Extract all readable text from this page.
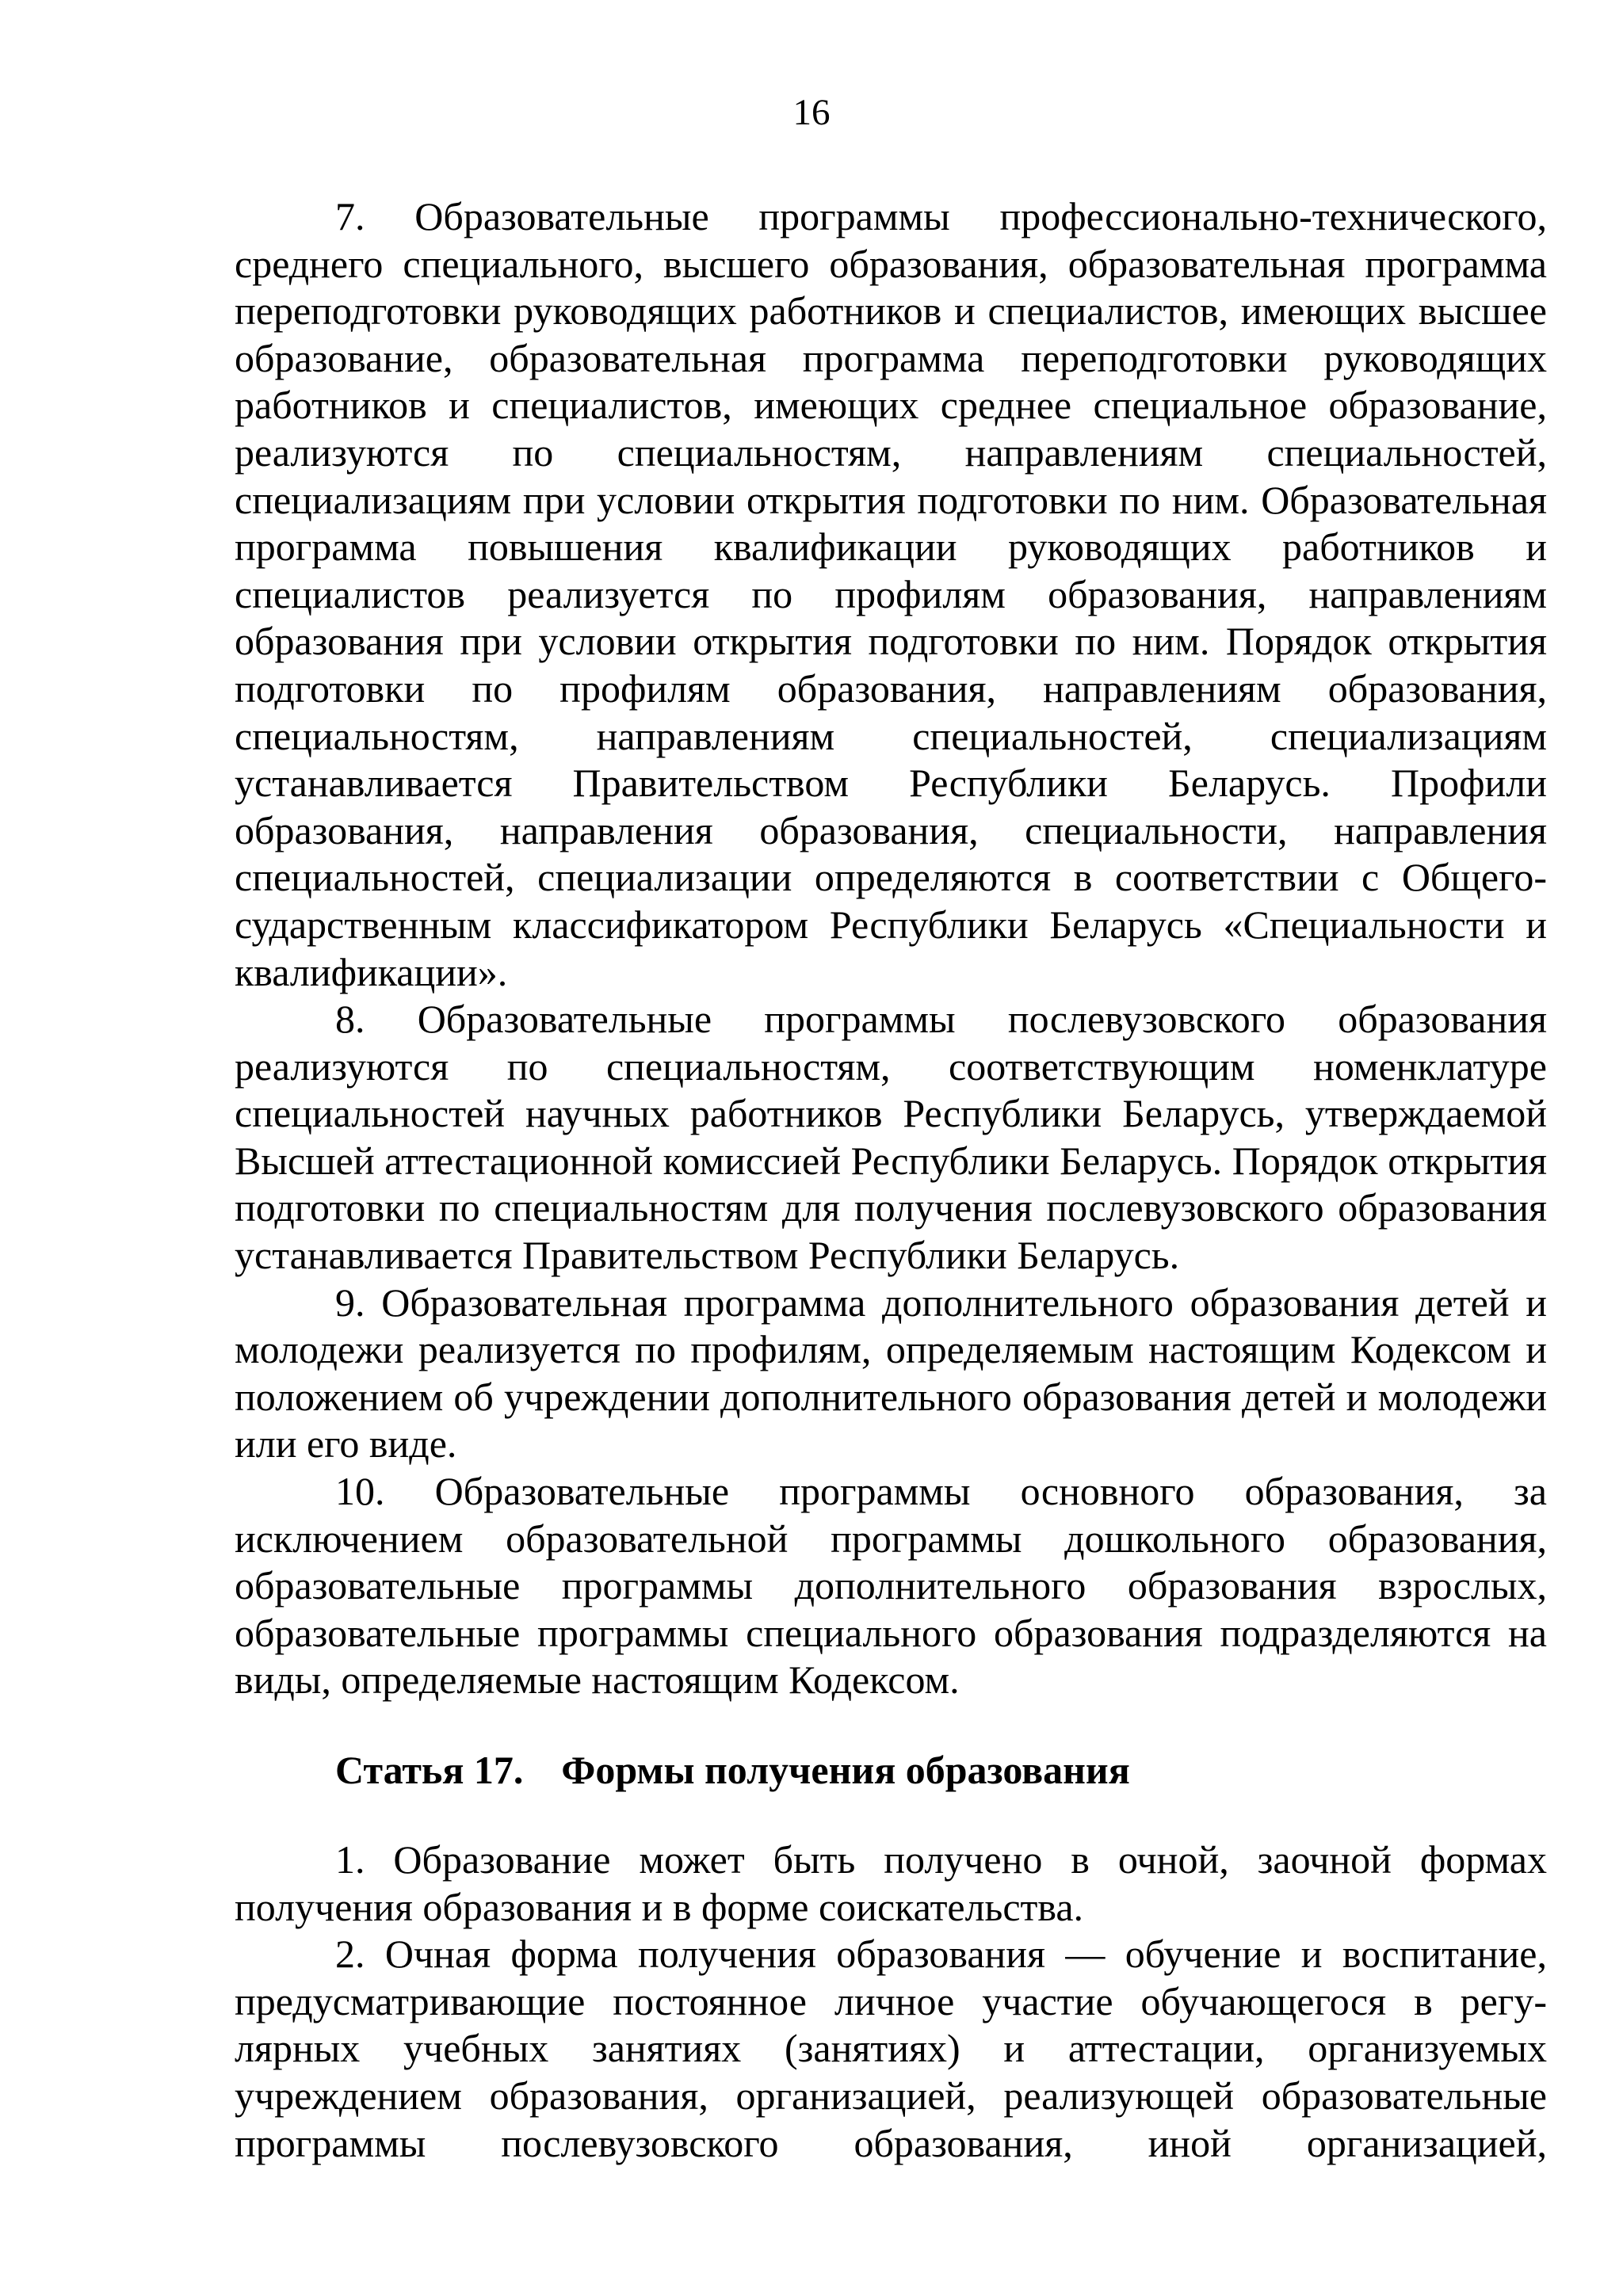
16

7. Образовательные программы профессионально-технического, среднего специального, высшего образования, образовательная программа переподготовки руководящих работников и специалистов, имеющих высшее образование, образовательная программа переподготовки руководящих работников и специалистов, имеющих среднее специальное образование, реализуются по специальностям, направлениям специальностей, специализациям при условии открытия подготовки по ним. Образовательная программа повышения квалификации руководящих работников и специалистов реализуется по профилям образования, направлениям образования при условии открытия подготовки по ним. Порядок открытия подготовки по профилям образования, направлениям образования, специальностям, направлениям специальностей, специализациям устанавливается Правительством Республики Беларусь. Профили образования, направления образования, специальности, направления специальностей, специализации определяются в соответствии с Общегосударственным классификатором Республики Беларусь «Специальности и квалификации».

8. Образовательные программы послевузовского образования реализуются по специальностям, соответствующим номенклатуре специальностей научных работников Республики Беларусь, утверждаемой Высшей аттестационной комиссией Республики Беларусь. Порядок открытия подготовки по специальностям для получения послевузовского образования устанавливается Правительством Республики Беларусь.

9. Образовательная программа дополнительного образования детей и молодежи реализуется по профилям, определяемым настоящим Кодексом и положением об учреждении дополнительного образования детей и молодежи или его виде.

10. Образовательные программы основного образования, за исключением образовательной программы дошкольного образования, образовательные программы дополнительного образования взрослых, образовательные программы специального образования подразделяются на виды, определяемые настоящим Кодексом.

Статья 17. Формы получения образования

1. Образование может быть получено в очной, заочной формах получения образования и в форме соискательства.

2. Очная форма получения образования — обучение и воспитание, предусматривающие постоянное личное участие обучающегося в регулярных учебных занятиях (занятиях) и аттестации, организуемых учреждением образования, организацией, реализующей образовательные программы послевузовского образования, иной организацией,
